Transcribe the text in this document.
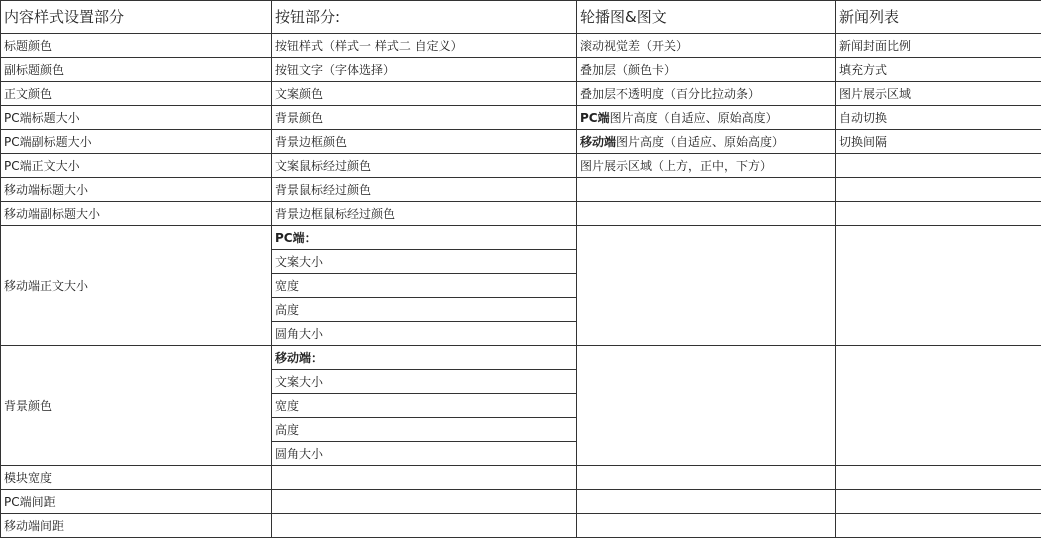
内容样式设置部分	按钮部分:	轮播图&图文	新闻列表
标题颜色	按钮样式（样式一 样式二 自定义）	滚动视觉差（开关）	新闻封面比例
副标题颜色	按钮文字（字体选择）	叠加层（颜色卡）	填充方式
正文颜色	文案颜色	叠加层不透明度（百分比拉动条）	图片展示区域
PC端标题大小	背景颜色	PC端图片高度（自适应、原始高度）	自动切换
PC端副标题大小	背景边框颜色	移动端图片高度（自适应、原始高度）	切换间隔
PC端正文大小	文案鼠标经过颜色	图片展示区域（上方，正中，下方）	
移动端标题大小	背景鼠标经过颜色		
移动端副标题大小	背景边框鼠标经过颜色		
移动端正文大小	PC端：		
	文案大小		
	宽度		
	高度		
	圆角大小		
背景颜色	移动端：		
	文案大小		
	宽度		
	高度		
	圆角大小		
模块宽度			
PC端间距			
移动端间距			
